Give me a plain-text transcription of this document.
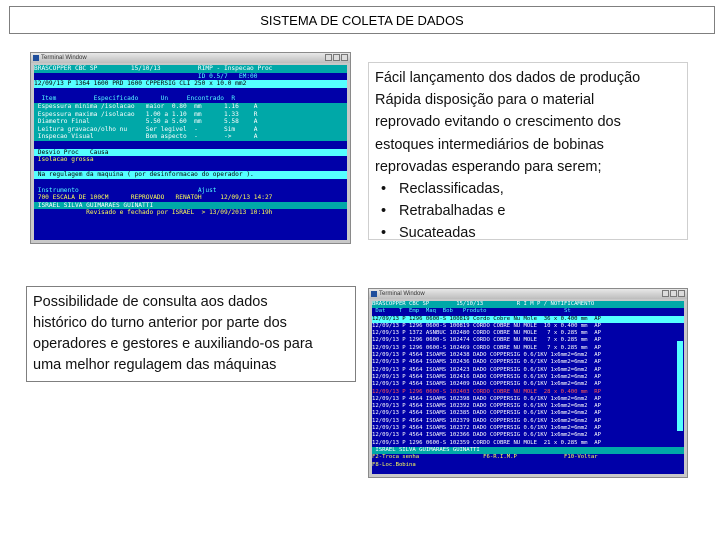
SISTEMA DE COLETA DE DADOS
Terminal Window
BRASCOPPER CBC SP         15/10/13          RIMP - Inspecao Proc
ID 0.5/7   EM:00
12/09/13 P 1364 1600 PRD 1600 CPPERSIG CLI 250 x 10.0 mm2
Item          Especificado      Un     Encontrado  R
Espessura minima /isolacao   maior  0.80  mm      1.16    A
Espessura maxima /isolacao   1.00 a 1.10  mm      1.33    R
Diametro Final               5.50 a 5.60  mm      5.58    A
Leitura gravacao/olho nu     Ser legivel  -       Sim     A
Inspecao Visual              Bom aspecto  -       ->      A
Desvio Proc   Causa
Isolacao grossa
Na regulagem da maquina ( por desinformacao do operador ).
Instrumento                                Ajust
700 ESCALA DE 100CM      REPROVADO   RENATOH     12/09/13 14:27
ISRAEL SILVA GUIMARAES GUINATTI
Revisado e fechado por ISRAEL  > 13/09/2013 10:19h
Fácil lançamento dos dados de produção
Rápida disposição para o material
reprovado evitando o crescimento dos
estoques intermediários de bobinas
reprovadas esperando para serem;
• Reclassificadas,
• Retrabalhadas e
• Sucateadas
Possibilidade de consulta aos dados
histórico do turno anterior por parte dos
operadores e gestores e auxiliando-os para
uma melhor regulagem das máquinas
Terminal Window
BRASCOPPER CBC SP        15/10/13          R I M P / NOTIFICAMENTO
Dat    T  Emp  Maq  Bob   Produto                       St
12/09/13 P 1296 0600-S 100819 Cordo Cobre Nu Mole  36 x 0.400 mm  AP
12/09/13 P 1296 0600-S 100819 CORDO COBRE NU MOLE  10 x 0.400 mm  AP
12/09/13 P 1372 ASNBUC 102480 CORDO COBRE NU MOLE   7 x 0.285 mm  AP
12/09/13 P 1296 0600-S 102474 CORDO COBRE NU MOLE   7 x 0.285 mm  AP
12/09/13 P 1296 0600-S 102469 CORDO COBRE NU MOLE   7 x 0.285 mm  AP
12/09/13 P 4564 ISOAMS 102438 DADO COPPERSIG 0.6/1KV 1x6mm2=6mm2  AP
12/09/13 P 4564 ISOAMS 102436 DADO COPPERSIG 0.6/1KV 1x6mm2=6mm2  AP
12/09/13 P 4564 ISOAMS 102423 DADO COPPERSIG 0.6/1KV 1x6mm2=6mm2  AP
12/09/13 P 4564 ISOAMS 102416 DADO COPPERSIG 0.6/1KV 1x6mm2=6mm2  AP
12/09/13 P 4564 ISOAMS 102409 DADO COPPERSIG 0.6/1KV 1x6mm2=6mm2  AP
12/09/13 P 1296 0600-S 102403 CORDO COBRE NU MOLE  28 x 0.400 mm  RP
12/09/13 P 4564 ISOAMS 102398 DADO COPPERSIG 0.6/1KV 1x6mm2=6mm2  AP
12/09/13 P 4564 ISOAMS 102392 DADO COPPERSIG 0.6/1KV 1x6mm2=6mm2  AP
12/09/13 P 4564 ISOAMS 102385 DADO COPPERSIG 0.6/1KV 1x6mm2=6mm2  AP
12/09/13 P 4564 ISOAMS 102379 DADO COPPERSIG 0.6/1KV 1x6mm2=6mm2  AP
12/09/13 P 4564 ISOAMS 102372 DADO COPPERSIG 0.6/1KV 1x6mm2=6mm2  AP
12/09/13 P 4564 ISOAMS 102366 DADO COPPERSIG 0.6/1KV 1x6mm2=6mm2  AP
12/09/13 P 1296 0600-S 102359 CORDO COBRE NU MOLE  21 x 0.285 mm  AP
ISRAEL SILVA GUIMARAES GUINATTI
F2-Troca senha                   F6-R.I.M.P              F10-Voltar
F8-Loc.Bobina
